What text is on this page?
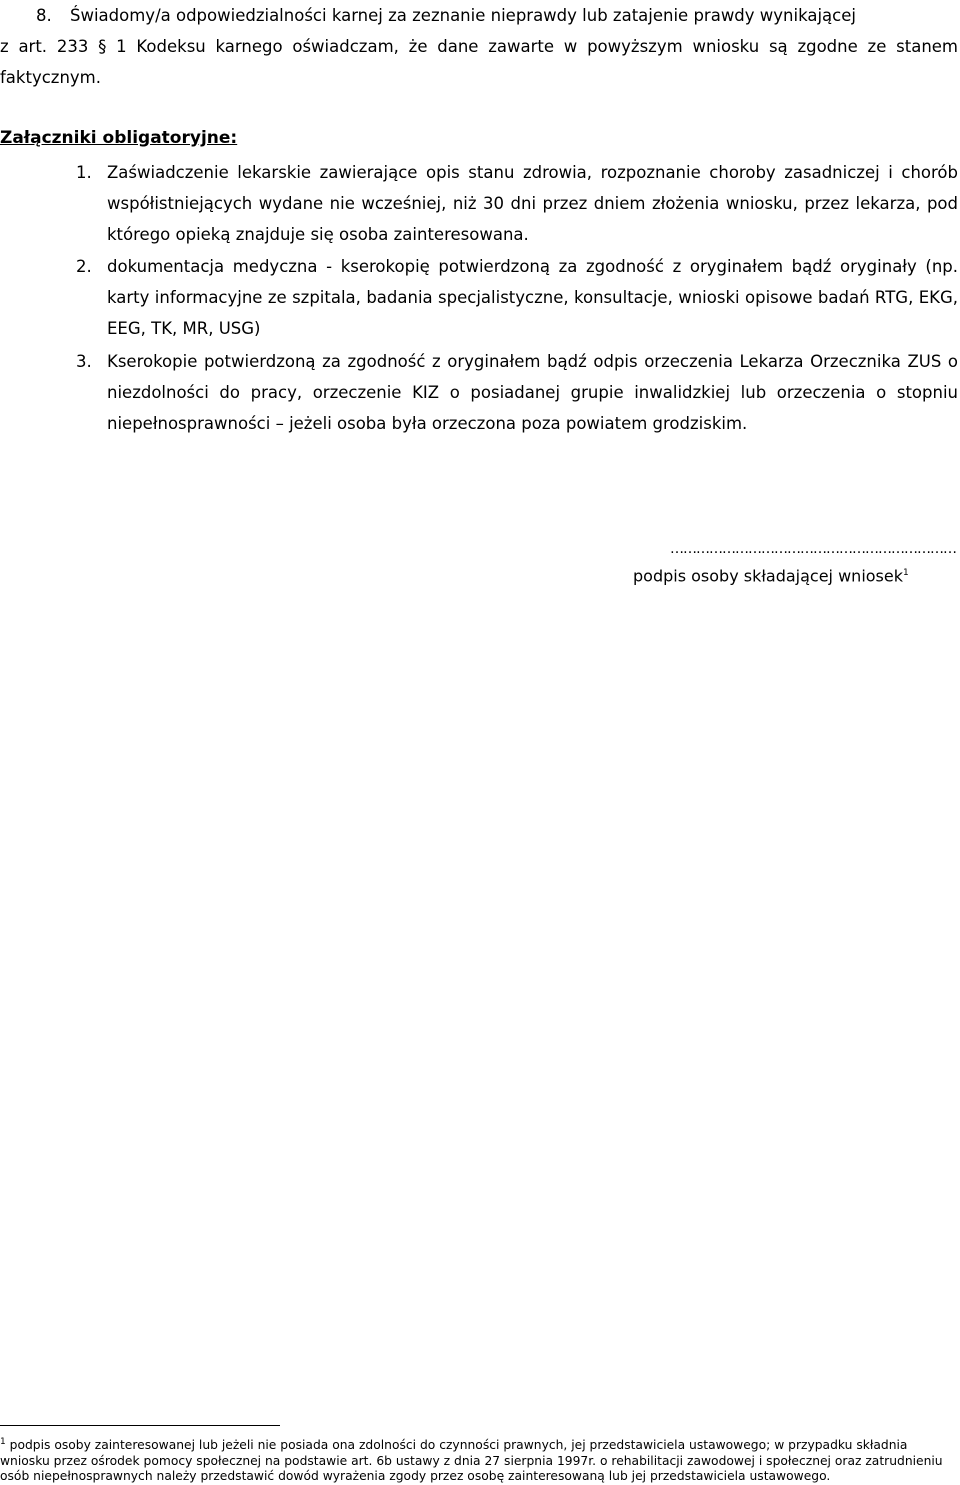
8.	Świadomy/a odpowiedzialności karnej za zeznanie nieprawdy lub zatajenie prawdy wynikającej
z art. 233 § 1 Kodeksu karnego oświadczam, że dane zawarte w powyższym wniosku są zgodne ze stanem faktycznym.
Załączniki obligatoryjne:
1. Zaświadczenie lekarskie zawierające opis stanu zdrowia, rozpoznanie choroby zasadniczej i chorób współistniejących wydane nie wcześniej, niż 30 dni przez dniem złożenia wniosku, przez lekarza, pod którego opieką znajduje się osoba zainteresowana.
2. dokumentacja medyczna - kserokopię potwierdzoną za zgodność z oryginałem bądź oryginały (np. karty informacyjne ze szpitala, badania specjalistyczne, konsultacje, wnioski opisowe badań RTG, EKG, EEG, TK, MR, USG)
3. Kserokopie potwierdzoną za zgodność z oryginałem bądź odpis orzeczenia Lekarza Orzecznika ZUS o niezdolności do pracy, orzeczenie KIZ o posiadanej grupie inwalidzkiej lub orzeczenia o stopniu niepełnosprawności – jeżeli osoba była orzeczona poza powiatem grodziskim.
…………………………………………………………
podpis osoby składającej wniosek$^1$
$^1$ podpis osoby zainteresowanej lub jeżeli nie posiada ona zdolności do czynności prawnych, jej przedstawiciela ustawowego; w przypadku składnia wniosku przez ośrodek pomocy społecznej na podstawie art. 6b ustawy z dnia 27 sierpnia 1997r. o rehabilitacji zawodowej i społecznej oraz zatrudnieniu osób niepełnosprawnych należy przedstawić dowód wyrażenia zgody przez osobę zainteresowaną lub jej przedstawiciela ustawowego.
